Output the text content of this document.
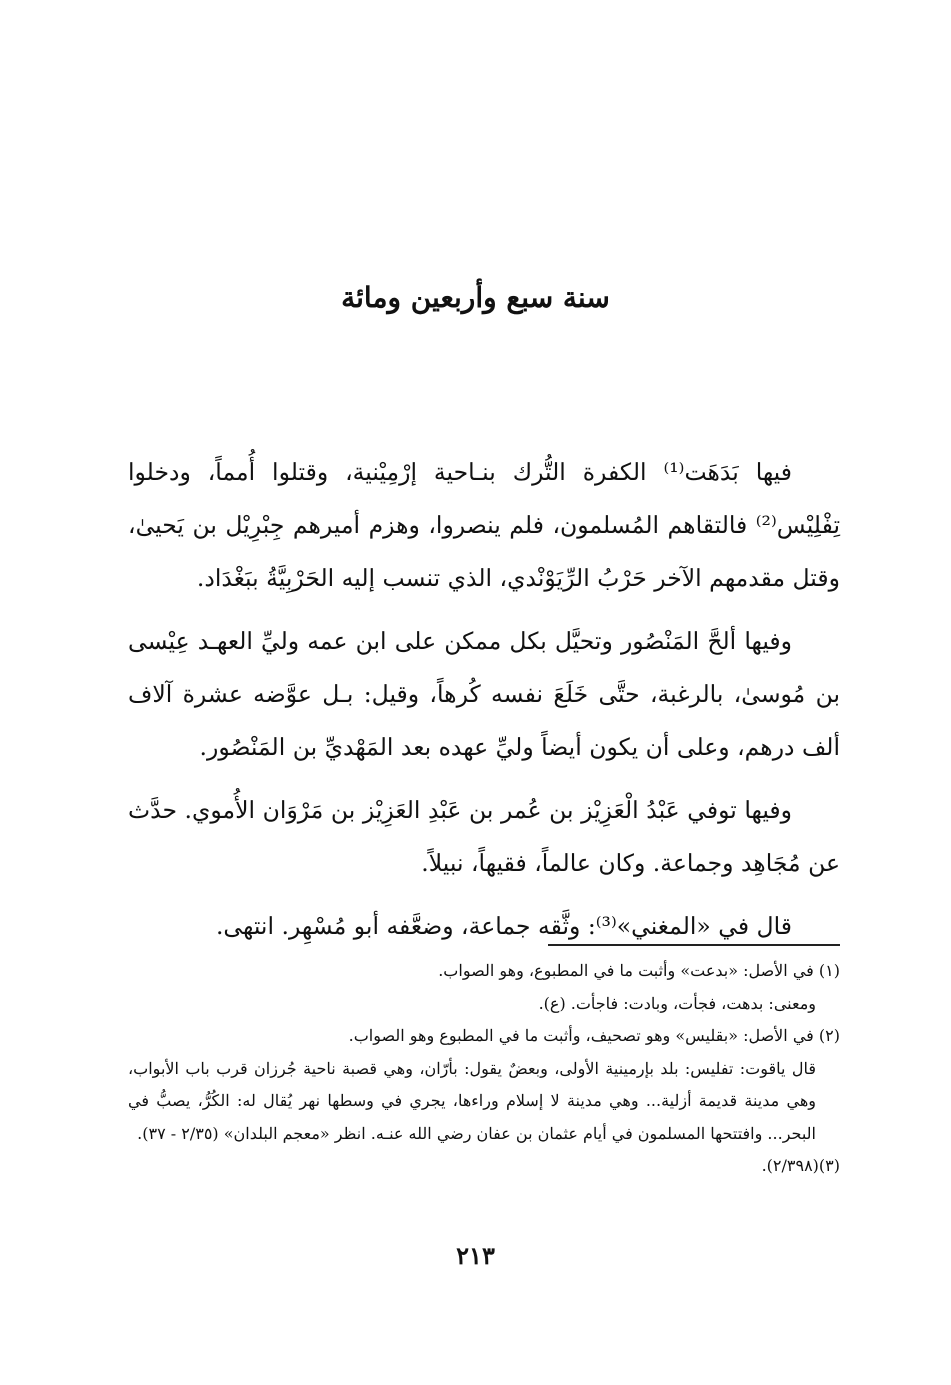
سنة سبع وأربعين ومائة

فيها بَدَهَت⁽¹⁾ الكفرة التُّرك بنـاحية إرْمِيْنية، وقتلوا أُمماً، ودخلوا تِفْلِيْس⁽²⁾ فالتقاهم المُسلمون، فلم ينصروا، وهزم أميرهم جِبْرِيْل بن يَحيىٰ، وقتل مقدمهم الآخر حَرْبُ الرِّيَوْنْدي، الذي تنسب إليه الحَرْبِيَّةُ ببَغْدَاد.

وفيها ألحَّ المَنْصُور وتحيَّل بكل ممكن على ابن عمه وليِّ العهـد عِيْسى بن مُوسىٰ، بالرغبة، حتَّى خَلَعَ نفسه كُرهاً، وقيل: بـل عوَّضه عشرة آلاف ألف درهم، وعلى أن يكون أيضاً وليِّ عهده بعد المَهْديِّ بن المَنْصُور.

وفيها توفي عَبْدُ الْعَزِيْز بن عُمر بن عَبْدِ العَزِيْز بن مَرْوَان الأُموي. حدَّث عن مُجَاهِد وجماعة. وكان عالماً، فقيهاً، نبيلاً.

قال في «المغني»⁽³⁾: وثَّقه جماعة، وضعَّفه أبو مُسْهِر. انتهى.

(١) في الأصل: «بدعت» وأثبت ما في المطبوع، وهو الصواب.
ومعنى: بدهت، فجأت، وبادت: فاجأت. (ع).
(٢) في الأصل: «بقليس» وهو تصحيف، وأثبت ما في المطبوع وهو الصواب.
قال ياقوت: تفليس: بلد بإرمينية الأولى، وبعضٌ يقول: بأرّان، وهي قصبة ناحية جُرزان قرب باب الأبواب، وهي مدينة قديمة أزلية... وهي مدينة لا إسلام وراءها، يجري في وسطها نهر يُقال له: الكُرُّ، يصبُّ في البحر... وافتتحها المسلمون في أيام عثمان بن عفان رضي الله عنـه. انظر «معجم البلدان» (٢/٣٥ - ٣٧).
(٣)(٢/٣٩٨).
٢١٣
